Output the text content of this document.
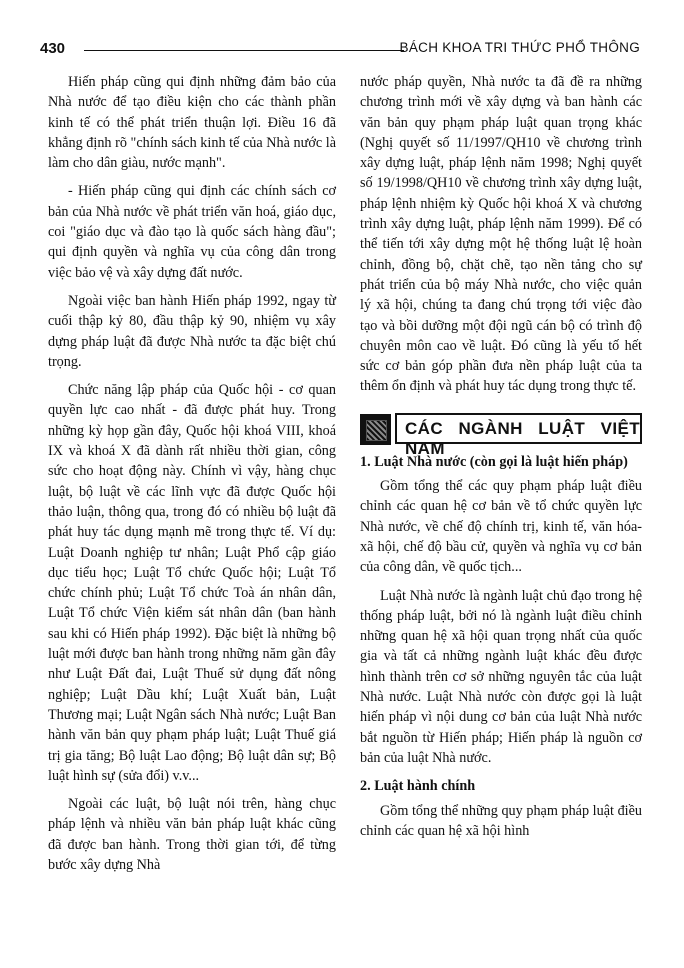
430	BÁCH KHOA TRI THỨC PHỔ THÔNG

Hiến pháp cũng qui định những đảm bảo của Nhà nước để tạo điều kiện cho các thành phần kinh tế có thể phát triển thuận lợi. Điều 16 đã khẳng định rõ "chính sách kinh tế của Nhà nước là làm cho dân giàu, nước mạnh".

- Hiến pháp cũng qui định các chính sách cơ bản của Nhà nước về phát triển văn hoá, giáo dục, coi "giáo dục và đào tạo là quốc sách hàng đầu"; qui định quyền và nghĩa vụ của công dân trong việc bảo vệ và xây dựng đất nước.

Ngoài việc ban hành Hiến pháp 1992, ngay từ cuối thập kỷ 80, đầu thập kỷ 90, nhiệm vụ xây dựng pháp luật đã được Nhà nước ta đặc biệt chú trọng.

Chức năng lập pháp của Quốc hội - cơ quan quyền lực cao nhất - đã được phát huy. Trong những kỳ họp gần đây, Quốc hội khoá VIII, khoá IX và khoá X đã dành rất nhiều thời gian, công sức cho hoạt động này. Chính vì vậy, hàng chục luật, bộ luật về các lĩnh vực đã được Quốc hội thảo luận, thông qua, trong đó có nhiều bộ luật đã phát huy tác dụng mạnh mẽ trong thực tế. Ví dụ: Luật Doanh nghiệp tư nhân; Luật Phổ cập giáo dục tiểu học; Luật Tổ chức Quốc hội; Luật Tổ chức chính phủ; Luật Tổ chức Toà án nhân dân, Luật Tổ chức Viện kiểm sát nhân dân (ban hành sau khi có Hiến pháp 1992). Đặc biệt là những bộ luật mới được ban hành trong những năm gần đây như Luật Đất đai, Luật Thuế sử dụng đất nông nghiệp; Luật Dầu khí; Luật Xuất bản, Luật Thương mại; Luật Ngân sách Nhà nước; Luật Ban hành văn bản quy phạm pháp luật; Luật Thuế giá trị gia tăng; Bộ luật Lao động; Bộ luật dân sự; Bộ luật hình sự (sửa đổi) v.v...

Ngoài các luật, bộ luật nói trên, hàng chục pháp lệnh và nhiều văn bản pháp luật khác cũng đã được ban hành. Trong thời gian tới, để từng bước xây dựng Nhà

nước pháp quyền, Nhà nước ta đã đề ra những chương trình mới về xây dựng và ban hành các văn bản quy phạm pháp luật quan trọng khác (Nghị quyết số 11/1997/QH10 về chương trình xây dựng luật, pháp lệnh năm 1998; Nghị quyết số 19/1998/QH10 về chương trình xây dựng luật, pháp lệnh nhiệm kỳ Quốc hội khoá X và chương trình xây dựng luật, pháp lệnh năm 1999). Để có thể tiến tới xây dựng một hệ thống luật lệ hoàn chỉnh, đồng bộ, chặt chẽ, tạo nền tảng cho sự phát triển của bộ máy Nhà nước, cho việc quản lý xã hội, chúng ta đang chú trọng tới việc đào tạo và bồi dưỡng một đội ngũ cán bộ có trình độ chuyên môn cao về luật. Đó cũng là yếu tố hết sức cơ bản góp phần đưa nền pháp luật của ta thêm ổn định và phát huy tác dụng trong thực tế.

CÁC NGÀNH LUẬT VIỆT NAM

1. Luật Nhà nước (còn gọi là luật hiến pháp)

Gồm tổng thể các quy phạm pháp luật điều chỉnh các quan hệ cơ bản về tổ chức quyền lực Nhà nước, về chế độ chính trị, kinh tế, văn hóa-xã hội, chế độ bầu cử, quyền và nghĩa vụ cơ bản của công dân, về quốc tịch...

Luật Nhà nước là ngành luật chủ đạo trong hệ thống pháp luật, bởi nó là ngành luật điều chỉnh những quan hệ xã hội quan trọng nhất của quốc gia và tất cả những ngành luật khác đều được hình thành trên cơ sở những nguyên tắc của luật Nhà nước. Luật Nhà nước còn được gọi là luật hiến pháp vì nội dung cơ bản của luật Nhà nước bắt nguồn từ Hiến pháp; Hiến pháp là nguồn cơ bản của luật Nhà nước.

2. Luật hành chính

Gồm tổng thể những quy phạm pháp luật điều chỉnh các quan hệ xã hội hình
